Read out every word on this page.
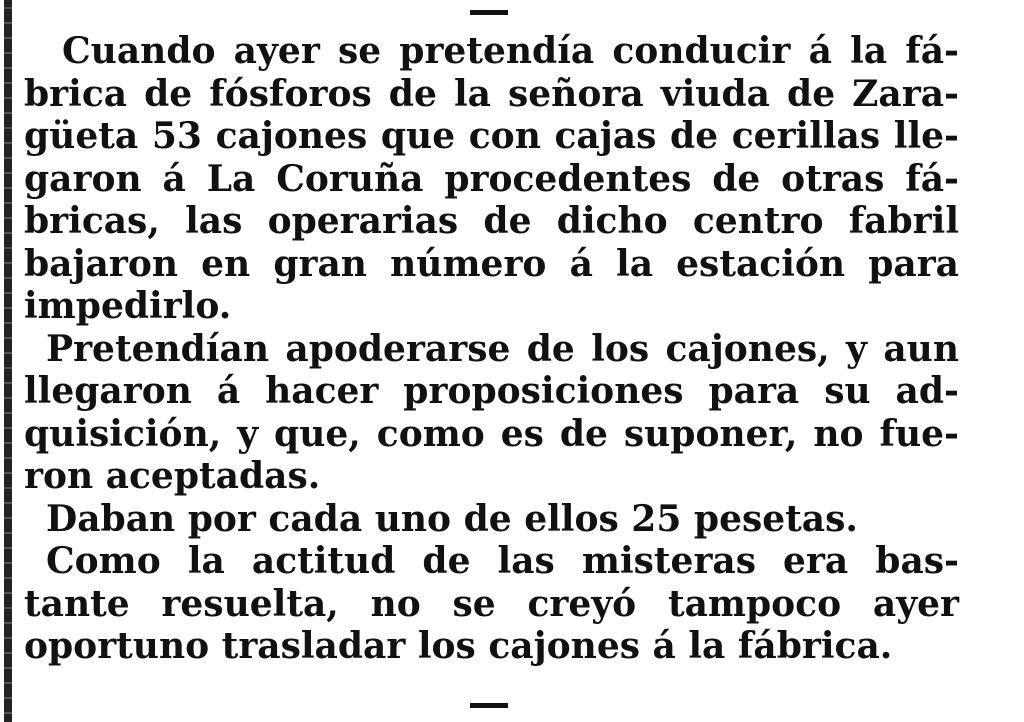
Cuando ayer se pretendía conducir á la fá-
brica de fósforos de la señora viuda de Zara-
güeta 53 cajones que con cajas de cerillas lle-
garon á La Coruña procedentes de otras fá-
bricas, las operarias de dicho centro fabril
bajaron en gran número á la estación para
impedirlo.
Pretendían apoderarse de los cajones, y aun
llegaron á hacer proposiciones para su ad-
quisición, y que, como es de suponer, no fue-
ron aceptadas.
Daban por cada uno de ellos 25 pesetas.
Como la actitud de las misteras era bas-
tante resuelta, no se creyó tampoco ayer
oportuno trasladar los cajones á la fábrica.
